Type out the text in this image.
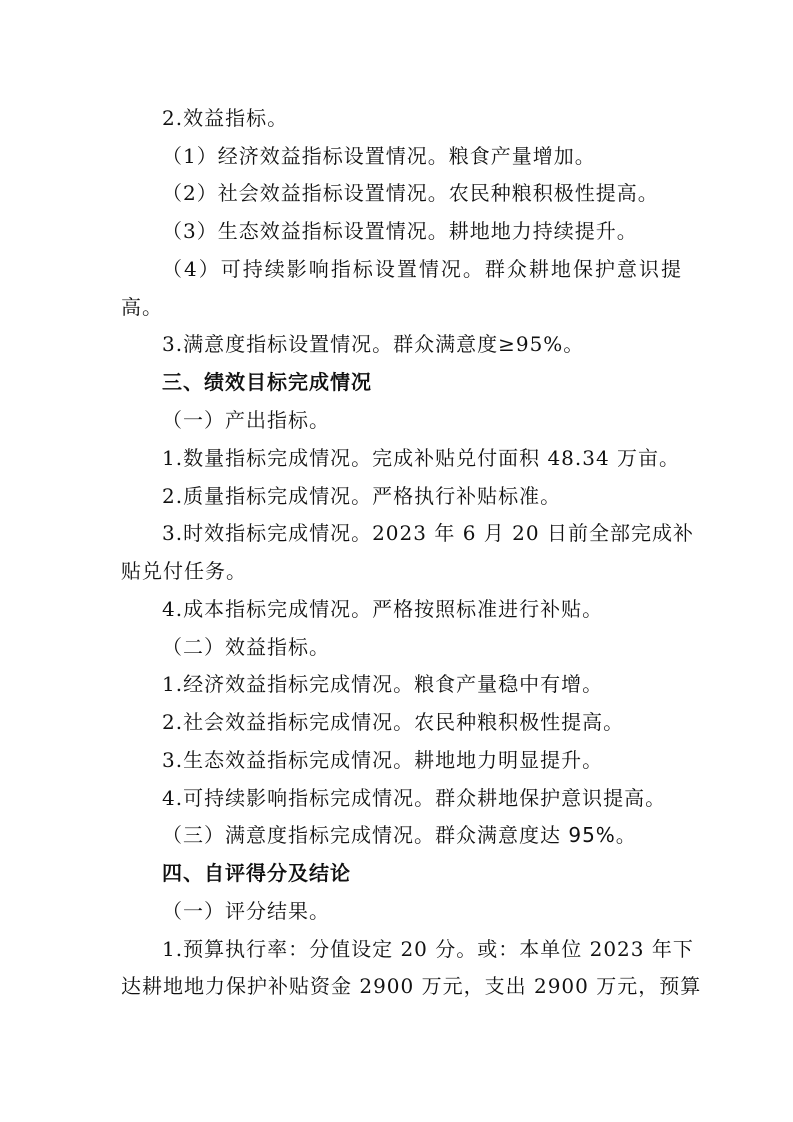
2.效益指标。

（1）经济效益指标设置情况。粮食产量增加。

（2）社会效益指标设置情况。农民种粮积极性提高。

（3）生态效益指标设置情况。耕地地力持续提升。

（4）可持续影响指标设置情况。群众耕地保护意识提

高。

3.满意度指标设置情况。群众满意度≥95%。

三、绩效目标完成情况

（一）产出指标。

1.数量指标完成情况。完成补贴兑付面积 48.34 万亩。

2.质量指标完成情况。严格执行补贴标准。

3.时效指标完成情况。2023 年 6 月 20 日前全部完成补

贴兑付任务。

4.成本指标完成情况。严格按照标准进行补贴。

（二）效益指标。

1.经济效益指标完成情况。粮食产量稳中有增。

2.社会效益指标完成情况。农民种粮积极性提高。

3.生态效益指标完成情况。耕地地力明显提升。

4.可持续影响指标完成情况。群众耕地保护意识提高。

（三）满意度指标完成情况。群众满意度达 95%。

四、自评得分及结论

（一）评分结果。

1.预算执行率：分值设定 20 分。或：本单位 2023 年下

达耕地地力保护补贴资金 2900 万元，支出 2900 万元，预算
